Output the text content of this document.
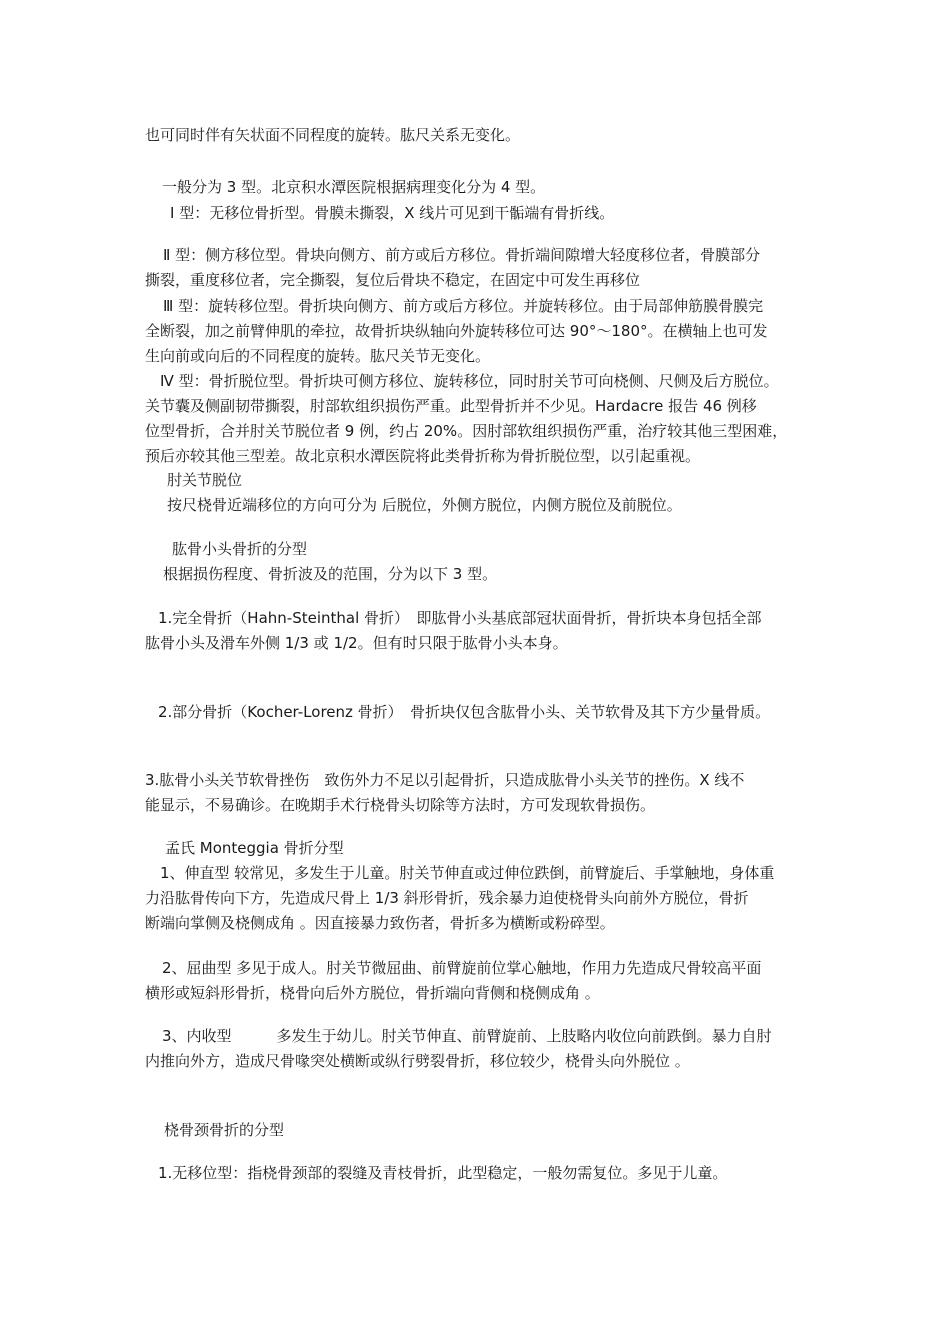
也可同时伴有矢状面不同程度的旋转。肱尺关系无变化。
一般分为 3 型。北京积水潭医院根据病理变化分为 4 型。
Ⅰ 型：无移位骨折型。骨膜未撕裂，X 线片可见到干骺端有骨折线。
Ⅱ 型：侧方移位型。骨块向侧方、前方或后方移位。骨折端间隙增大轻度移位者，骨膜部分
撕裂，重度移位者，完全撕裂，复位后骨块不稳定，在固定中可发生再移位
Ⅲ 型：旋转移位型。骨折块向侧方、前方或后方移位。并旋转移位。由于局部伸筋膜骨膜完
全断裂，加之前臂伸肌的牵拉，故骨折块纵轴向外旋转移位可达 90°～180°。在横轴上也可发
生向前或向后的不同程度的旋转。肱尺关节无变化。
Ⅳ 型：骨折脱位型。骨折块可侧方移位、旋转移位，同时肘关节可向桡侧、尺侧及后方脱位。
关节囊及侧副韧带撕裂，肘部软组织损伤严重。此型骨折并不少见。Hardacre 报告 46 例移
位型骨折，合并肘关节脱位者 9 例，约占 20%。因肘部软组织损伤严重，治疗较其他三型困难，
预后亦较其他三型差。故北京积水潭医院将此类骨折称为骨折脱位型，以引起重视。
肘关节脱位
按尺桡骨近端移位的方向可分为 后脱位，外侧方脱位，内侧方脱位及前脱位。
肱骨小头骨折的分型
根据损伤程度、骨折波及的范围，分为以下 3 型。
1.完全骨折（Hahn-Steinthal 骨折）　即肱骨小头基底部冠状面骨折，骨折块本身包括全部
肱骨小头及滑车外侧 1/3 或 1/2。但有时只限于肱骨小头本身。
2.部分骨折（Kocher-Lorenz 骨折）　骨折块仅包含肱骨小头、关节软骨及其下方少量骨质。
3.肱骨小头关节软骨挫伤　致伤外力不足以引起骨折，只造成肱骨小头关节的挫伤。X 线不
能显示，不易确诊。在晚期手术行桡骨头切除等方法时，方可发现软骨损伤。
孟氏 Monteggia 骨折分型
1、伸直型 较常见，多发生于儿童。肘关节伸直或过伸位跌倒，前臂旋后、手掌触地，身体重
力沿肱骨传向下方，先造成尺骨上 1/3 斜形骨折，残余暴力迫使桡骨头向前外方脱位，骨折
断端向掌侧及桡侧成角 。因直接暴力致伤者，骨折多为横断或粉碎型。
2、屈曲型 多见于成人。肘关节微屈曲、前臂旋前位掌心触地，作用力先造成尺骨较高平面
横形或短斜形骨折，桡骨向后外方脱位，骨折端向背侧和桡侧成角 。
3、内收型　　　多发生于幼儿。肘关节伸直、前臂旋前、上肢略内收位向前跌倒。暴力自肘
内推向外方，造成尺骨喙突处横断或纵行劈裂骨折，移位较少，桡骨头向外脱位 。
桡骨颈骨折的分型
1.无移位型：指桡骨颈部的裂缝及青枝骨折，此型稳定，一般勿需复位。多见于儿童。
